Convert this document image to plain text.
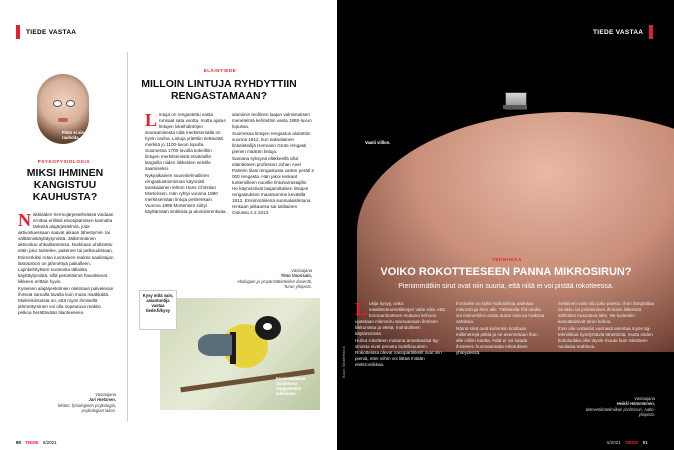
TIEDE VASTAA
Pisto ei aina rauhoita.
PSYKOFYSIOLOGIA
MIKSI IHMINEN KANGISTUU KAUHUSTA?
N äkkiäiden hermojärjestelmässä voidaan erottaa erillisiä eloonjäämisen kannalta tärkeitä alajärjestelmiä, joita aktivoituessaan saavat aikaan lähestymis- tai välttämiskäyttäytymistä. Jälkimmäinen aktivoituu uhkatilanteissa. Nurkkaan ahdistettu eläin joko taistelee, pakenee tai pelkoudistaan.

Esimerkiksi rotan luontainen reaktio saalistajan läsnäoloon on jähmettyä paikalleen. Lajinkehityksen suosiosta tällaista käyttäytymistä, sillä petoeläimet havaitsevat liikkeen erittäin hyvin.

Kyseisen alajärjestelmien oletetaan palvelevan ihmisiä samalla tavalla kuin muita nisäkkäitä. Mielenkiintoista on, että myös ihmisellä jähmettyminen voi olla sopeutuva reaktio pelkoa herättävään tilanteeseen.

Vastaajana
Jari Hietanen,
lehtori, fysiologinen psykologia, psykologian laitos.
ELÄINTIEDE
MILLOIN LINTUJA RYHDYTTIIN RENGASTAMAAN?
L intuja on rengastettu vasta runsaat sata vuotta, mutta ajatus lintujen lokeihdintöjen seuraamisesta niitä merkitsemällä on hyvin vanha. Lintuja yritettiin tiettävästi merkitä jo 1100-luvun lopulla. Suomessa 1700-luvulla kokeiltiin lintujen merkitsemistä erivärisillä langoilla niiden liikkeiden selville saamiseksi.

Nykyaikainen suunnitelmallinen rengastustoiminnan käynnisti tanskalainen lehtori Hans Christian Mortensen. Hän ryhtyi vuonna 1890 merkitsemään lintuja peltirenkain. Vuonna 1899 Mortensen siirtyi käyttämään sinkkisiä ja alumiinirenkaita.

alumiinin teollinen laajan valmistuksen menetelmä kehitettiin vasta 1880-luvun lopussa.

Suomessa lintujen rengastus aloitettiin vuonna 1912, kun saksalainen lintutieteilijä Hermann Grote rengasti pienen määrän lintuja.

Samana syksynä eläkkeellä ollut eläintieteen professori Johan Axel Palmén tilasi rengastusta varten peräti 2 000 rengasta. Hän jakoi renkaat tuntemilleen nuorille lintuharrastajille. He käynnistivät laajamittaisen lintujen rengastuksen maassamme keväällä 1913. Ensimmäisenä suomalaislintuna renkaan jalkaansa sai talitiainen Oulussa 2.2.1913.

Vastaajana
Timo Vuorisalo,
ekologian ja ympäristötieteiden dosentti, Turun yliopisto.
Kysy mitä vain, asiantuntija vastaa tiede.fi/kysy
Ensimmäisenä Suomessa rengastettiin talitiainen.
90 TIEDE 5/2021
TIEDE VASTAA
Vaatii viillon.
TEKNIIKKA
VOIKO ROKOTTEESEEN PANNA MIKROSIRUN?
Pienimmätkin sirut ovat niin suuria, että niitä ei voi pistää rokotteessa.
Kuva: Shutterstock
L ukija kysyy, onko salaliittoteoreetikkojen väite siitä, että koronarokotteen mukana kehoon ujutetaan mikrosiru seuraamaan ihmisen liikkumista ja eleitä, mahdollinen käytännössä.

Huhut rokotteen mukana annettavista 5g-siruista eivät perustu todellisuuteen. Rokotteissa olevat nanopartikkelit ovat niin pieniä, ettei niihin voi liittää mitään elektroniikkaa.

Ihmiselle on kyllä mahdollista asentaa mikrosiruja ihon alle. Tällaisella rfid-sirulla voi esimerkiksi avata auton ovia tai maksaa ostoksia.

Nämä sirut ovat kuitenkin kooltaan millimetrejä pitkiä ja ne asennetaan ihon alle viillon kautta. Niitä ei voi saada ihmiseen huomaamatta rokotuksen yhteydessä.

Sellainen voisi olla joko paristo, ihon lämpötilaa tai akku tai jonkinlainen ihmisen liikkeistä sähköksi muuntava laite. Ne kuitenkin kasvattaisivat sirun kokoa.

Ihon alle voitaisiin varmasti asentaa myös 5g-tekniikkaa hyödyntäviä lähettimiä, mutta niiden kokoluokka olisi täysin muuta kuin rokotteen neulasta mahtuva.

Vastaajana
Heikki Hämmäinen,
tietoverkkotekniikan professori, Aalto-yliopisto.
5/2021 TIEDE 91
